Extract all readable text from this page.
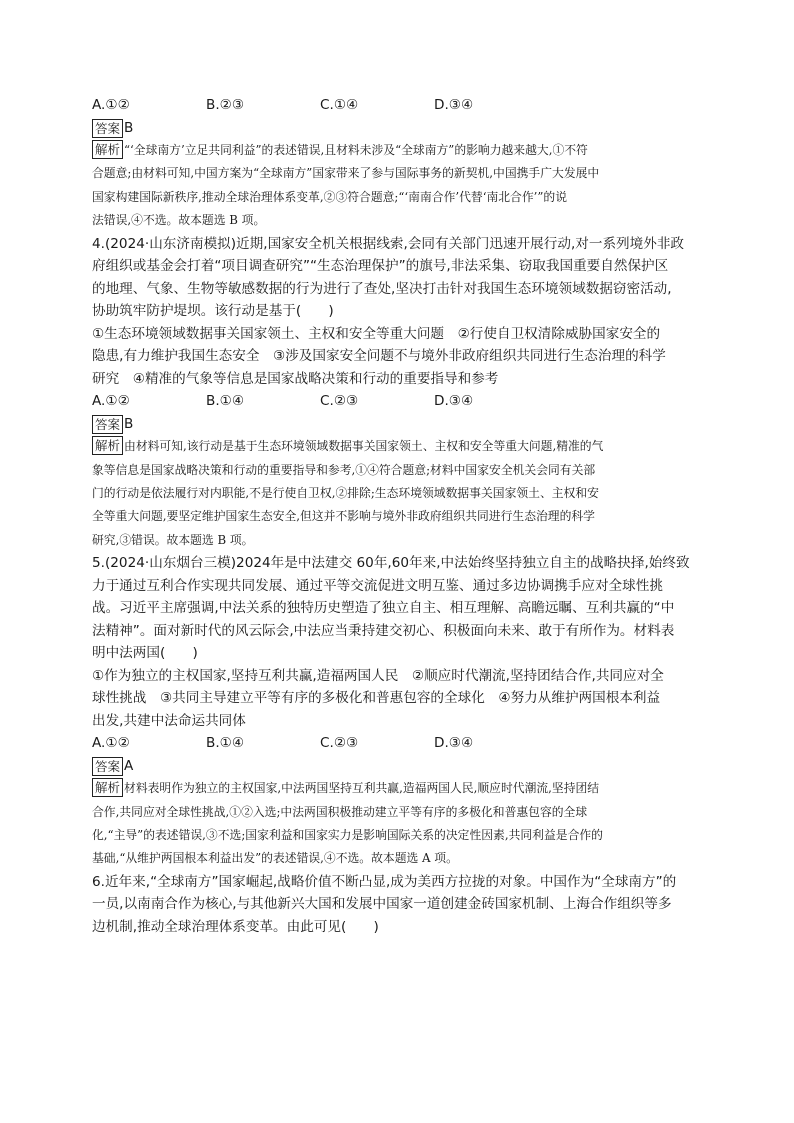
A.①②	B.②③	C.①④	D.③④
答案 B
解析 “‘全球南方’立足共同利益”的表述错误,且材料未涉及“全球南方”的影响力越来越大,①不符
合题意;由材料可知,中国方案为“全球南方”国家带来了参与国际事务的新契机,中国携手广大发展中
国家构建国际新秩序,推动全球治理体系变革,②③符合题意;“‘南南合作’代替‘南北合作’”的说
法错误,④不选。故本题选 B 项。
4.(2024·山东济南模拟)近期,国家安全机关根据线索,会同有关部门迅速开展行动,对一系列境外非政
府组织或基金会打着“项目调查研究”“生态治理保护”的旗号,非法采集、窃取我国重要自然保护区
的地理、气象、生物等敏感数据的行为进行了查处,坚决打击针对我国生态环境领域数据窃密活动,
协助筑牢防护堤坝。该行动是基于(　　)
①生态环境领域数据事关国家领土、主权和安全等重大问题　②行使自卫权清除威胁国家安全的
隐患,有力维护我国生态安全　③涉及国家安全问题不与境外非政府组织共同进行生态治理的科学
研究　④精准的气象等信息是国家战略决策和行动的重要指导和参考
A.①②	B.①④	C.②③	D.③④
答案 B
解析 由材料可知,该行动是基于生态环境领域数据事关国家领土、主权和安全等重大问题,精准的气
象等信息是国家战略决策和行动的重要指导和参考,①④符合题意;材料中国家安全机关会同有关部
门的行动是依法履行对内职能,不是行使自卫权,②排除;生态环境领域数据事关国家领土、主权和安
全等重大问题,要坚定维护国家生态安全,但这并不影响与境外非政府组织共同进行生态治理的科学
研究,③错误。故本题选 B 项。
5.(2024·山东烟台三模)2024年是中法建交 60年,60年来,中法始终坚持独立自主的战略抉择,始终致
力于通过互利合作实现共同发展、通过平等交流促进文明互鉴、通过多边协调携手应对全球性挑
战。习近平主席强调,中法关系的独特历史塑造了独立自主、相互理解、高瞻远瞩、互利共赢的“中
法精神”。面对新时代的风云际会,中法应当秉持建交初心、积极面向未来、敢于有所作为。材料表
明中法两国(　　)
①作为独立的主权国家,坚持互利共赢,造福两国人民　②顺应时代潮流,坚持团结合作,共同应对全
球性挑战　③共同主导建立平等有序的多极化和普惠包容的全球化　④努力从维护两国根本利益
出发,共建中法命运共同体
A.①②	B.①④	C.②③	D.③④
答案 A
解析 材料表明作为独立的主权国家,中法两国坚持互利共赢,造福两国人民,顺应时代潮流,坚持团结
合作,共同应对全球性挑战,①②入选;中法两国积极推动建立平等有序的多极化和普惠包容的全球
化,“主导”的表述错误,③不选;国家利益和国家实力是影响国际关系的决定性因素,共同利益是合作的
基础,“从维护两国根本利益出发”的表述错误,④不选。故本题选 A 项。
6.近年来,“全球南方”国家崛起,战略价值不断凸显,成为美西方拉拢的对象。中国作为“全球南方”的
一员,以南南合作为核心,与其他新兴大国和发展中国家一道创建金砖国家机制、上海合作组织等多
边机制,推动全球治理体系变革。由此可见(　　)
